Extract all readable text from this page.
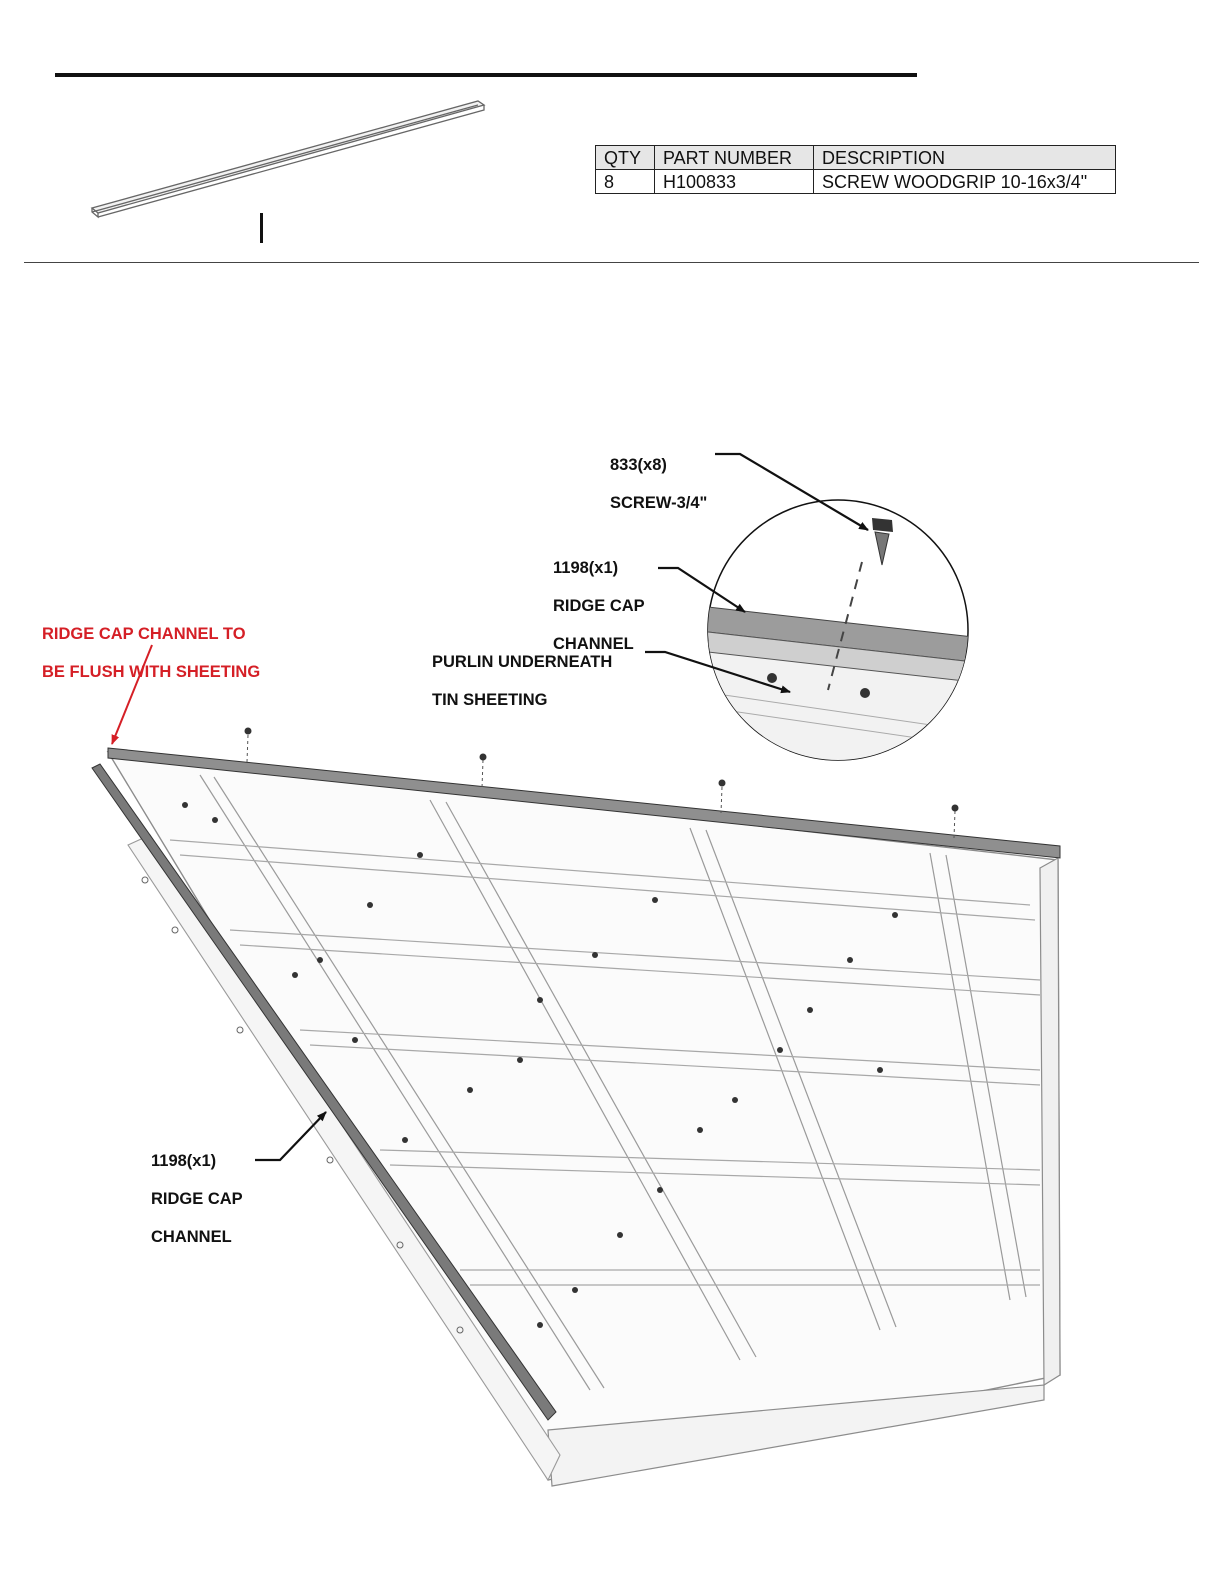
QTY	PART NUMBER	DESCRIPTION
8	H100833	SCREW WOODGRIP 10-16x3/4"

833(x8)

SCREW-3/4"

1198(x1)

RIDGE CAP

CHANNEL

PURLIN UNDERNEATH

TIN SHEETING

RIDGE CAP CHANNEL TO

BE FLUSH WITH SHEETING

1198(x1)

RIDGE CAP

CHANNEL
